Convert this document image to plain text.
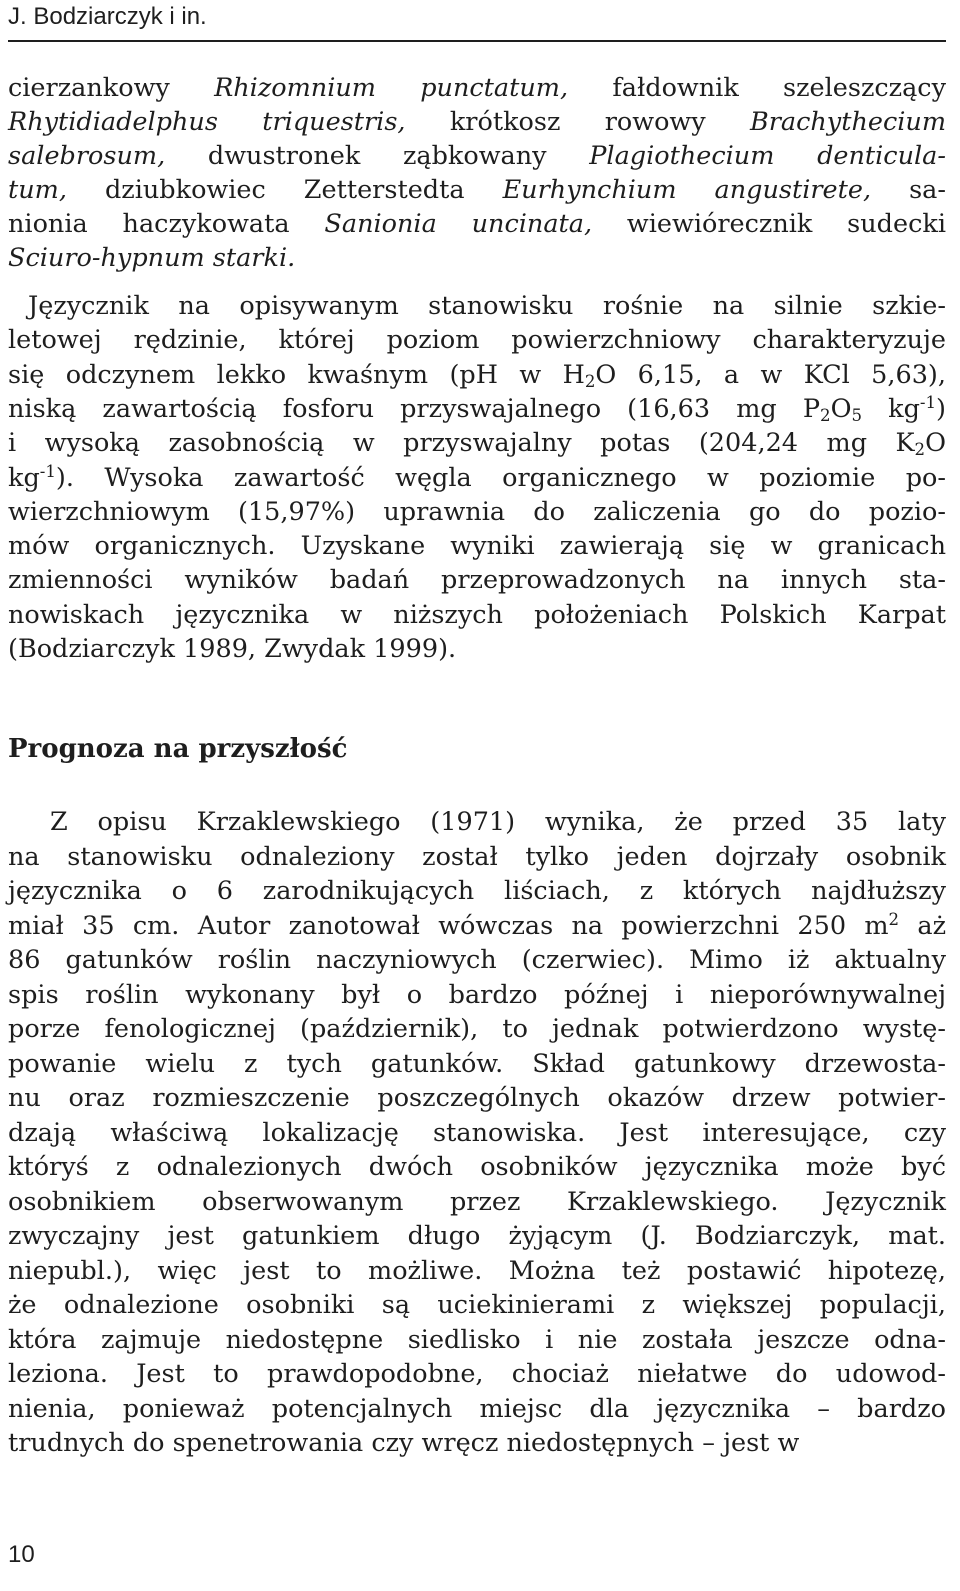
J. Bodziarczyk i in.
cierzankowy Rhizomnium punctatum, fałdownik szeleszczący
Rhytidiadelphus triquestris, krótkosz rowowy Brachythecium
salebrosum, dwustronek ząbkowany Plagiothecium denticula-
tum, dziubkowiec Zetterstedta Eurhynchium angustirete, sa-
nionia haczykowata Sanionia uncinata, wiewiórecznik sudecki
Sciuro-hypnum starki.
Języcznik na opisywanym stanowisku rośnie na silnie szkie-
letowej rędzinie, której poziom powierzchniowy charakteryzuje
się odczynem lekko kwaśnym (pH w $H_2O$ 6,15, a w KCl 5,63),
niską zawartością fosforu przyswajalnego (16,63 mg $P_2O_5$ $kg^{-1}$)
i wysoką zasobnością w przyswajalny potas (204,24 mg $K_2O$
$kg^{-1}$). Wysoka zawartość węgla organicznego w poziomie po-
wierzchniowym (15,97%) uprawnia do zaliczenia go do pozio-
mów organicznych. Uzyskane wyniki zawierają się w granicach
zmienności wyników badań przeprowadzonych na innych sta-
nowiskach języcznika w niższych położeniach Polskich Karpat
(Bodziarczyk 1989, Zwydak 1999).
Prognoza na przyszłość
Z opisu Krzaklewskiego (1971) wynika, że przed 35 laty
na stanowisku odnaleziony został tylko jeden dojrzały osobnik
języcznika o 6 zarodnikujących liściach, z których najdłuższy
miał 35 cm. Autor zanotował wówczas na powierzchni 250 $m^2$ aż
86 gatunków roślin naczyniowych (czerwiec). Mimo iż aktualny
spis roślin wykonany był o bardzo późnej i nieporównywalnej
porze fenologicznej (październik), to jednak potwierdzono wystę-
powanie wielu z tych gatunków. Skład gatunkowy drzewosta-
nu oraz rozmieszczenie poszczególnych okazów drzew potwier-
dzają właściwą lokalizację stanowiska. Jest interesujące, czy
któryś z odnalezionych dwóch osobników języcznika może być
osobnikiem obserwowanym przez Krzaklewskiego. Języcznik
zwyczajny jest gatunkiem długo żyjącym (J. Bodziarczyk, mat.
niepubl.), więc jest to możliwe. Można też postawić hipotezę,
że odnalezione osobniki są uciekinierami z większej populacji,
która zajmuje niedostępne siedlisko i nie została jeszcze odna-
leziona. Jest to prawdopodobne, chociaż niełatwe do udowod-
nienia, ponieważ potencjalnych miejsc dla języcznika – bardzo
trudnych do spenetrowania czy wręcz niedostępnych – jest w
10
